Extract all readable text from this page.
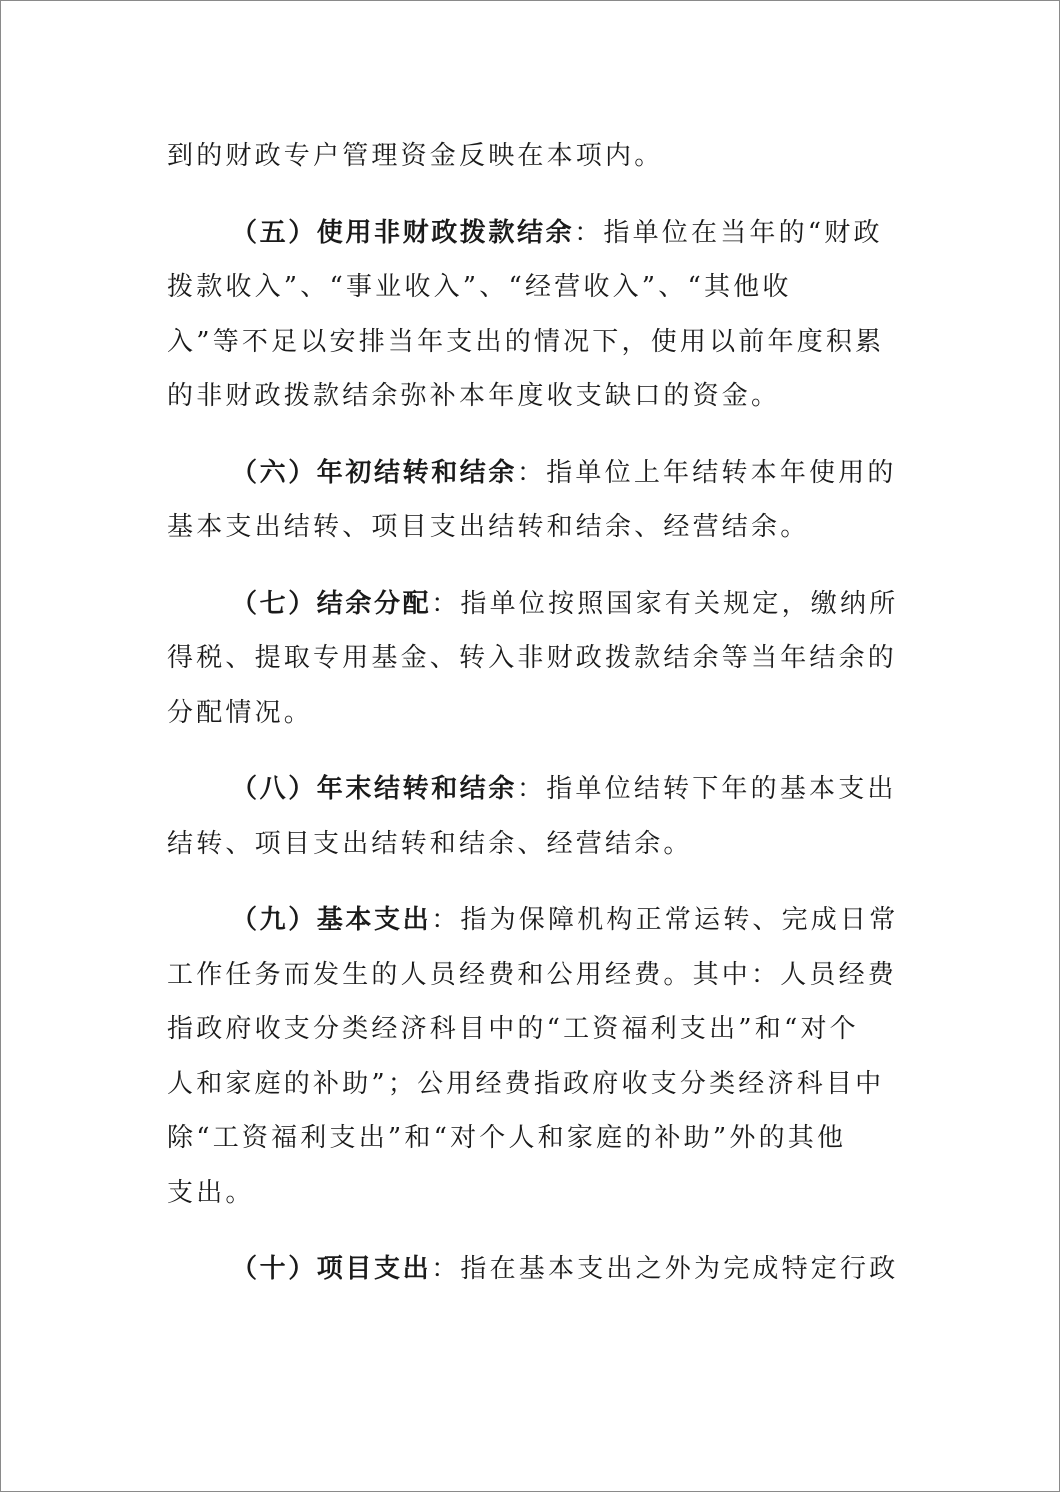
到的财政专户管理资金反映在本项内。

（五）使用非财政拨款结余：指单位在当年的“财政
拨款收入”、“事业收入”、“经营收入”、“其他收
入”等不足以安排当年支出的情况下，使用以前年度积累
的非财政拨款结余弥补本年度收支缺口的资金。

（六）年初结转和结余：指单位上年结转本年使用的
基本支出结转、项目支出结转和结余、经营结余。

（七）结余分配：指单位按照国家有关规定，缴纳所
得税、提取专用基金、转入非财政拨款结余等当年结余的
分配情况。

（八）年末结转和结余：指单位结转下年的基本支出
结转、项目支出结转和结余、经营结余。

（九）基本支出：指为保障机构正常运转、完成日常
工作任务而发生的人员经费和公用经费。其中：人员经费
指政府收支分类经济科目中的“工资福利支出”和“对个
人和家庭的补助”；公用经费指政府收支分类经济科目中
除“工资福利支出”和“对个人和家庭的补助”外的其他
支出。

（十）项目支出：指在基本支出之外为完成特定行政
